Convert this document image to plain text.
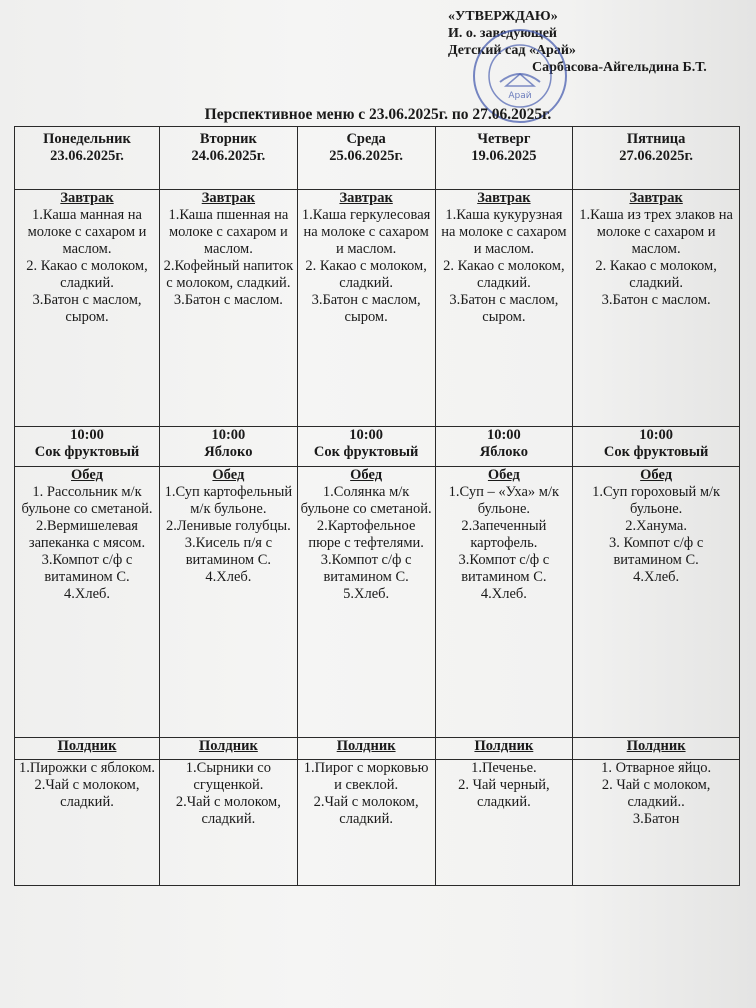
«УТВЕРЖДАЮ»
И. о. заведующей
Детский сад «Арай»
Сарбасова-Айгельдина Б.Т.
Арай
Перспективное меню с 23.06.2025г. по 27.06.2025г.
Понедельник
23.06.2025г.	Вторник
24.06.2025г.	Среда
25.06.2025г.	Четверг
19.06.2025	Пятница
27.06.2025г.

Завтрак
1.Каша манная на молоке с сахаром и маслом.
2. Какао с молоком, сладкий.
3.Батон с маслом, сыром.	Завтрак
1.Каша пшенная на молоке с сахаром и маслом.
2.Кофейный напиток с молоком, сладкий.
3.Батон с маслом.	Завтрак
1.Каша геркулесовая на молоке с сахаром и маслом.
2. Какао с молоком, сладкий.
3.Батон с маслом, сыром.	Завтрак
1.Каша кукурузная на молоке с сахаром и маслом.
2. Какао с молоком, сладкий.
3.Батон с маслом, сыром.	Завтрак
1.Каша из трех злаков на молоке с сахаром и маслом.
2. Какао с молоком, сладкий.
3.Батон с маслом.

10:00
Сок фруктовый	10:00
Яблоко	10:00
Сок фруктовый	10:00
Яблоко	10:00
Сок фруктовый

Обед
1. Рассольник м/к бульоне со сметаной.
2.Вермишелевая запеканка с мясом.
3.Компот с/ф с витамином С.
4.Хлеб.	Обед
1.Суп картофельный м/к бульоне.
2.Ленивые голубцы.
3.Кисель п/я с витамином С.
4.Хлеб.	Обед
1.Солянка м/к бульоне со сметаной.
2.Картофельное пюре с тефтелями.
3.Компот с/ф с витамином С.
5.Хлеб.	Обед
1.Суп – «Уха» м/к бульоне.
2.Запеченный картофель.
3.Компот с/ф с витамином С.
4.Хлеб.	Обед
1.Суп гороховый м/к бульоне.
2.Ханума.
3. Компот с/ф с витамином С.
4.Хлеб.

Полдник	Полдник	Полдник	Полдник	Полдник

1.Пирожки с яблоком.
2.Чай с молоком, сладкий.	1.Сырники со сгущенкой.
2.Чай с молоком, сладкий.	1.Пирог с морковью и свеклой.
2.Чай с молоком, сладкий.	1.Печенье.
2. Чай черный, сладкий.	1. Отварное яйцо.
2. Чай с молоком, сладкий..
3.Батон
